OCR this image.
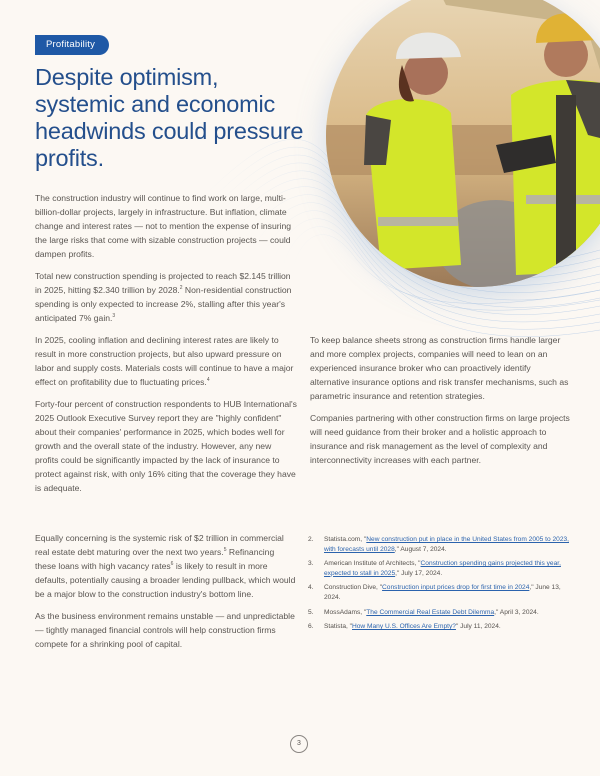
Profitability
Despite optimism, systemic and economic headwinds could pressure profits.

The construction industry will continue to find work on large, multi-billion-dollar projects, largely in infrastructure. But inflation, climate change and interest rates — not to mention the expense of insuring the large risks that come with sizable construction projects — could dampen profits.

Total new construction spending is projected to reach $2.145 trillion in 2025, hitting $2.340 trillion by 2028.$^2$ Non-residential construction spending is only expected to increase 2%, stalling after this year's anticipated 7% gain.$^3$

In 2025, cooling inflation and declining interest rates are likely to result in more construction projects, but also upward pressure on labor and supply costs. Materials costs will continue to have a major effect on profitability due to fluctuating prices.$^4$

Forty-four percent of construction respondents to HUB International's 2025 Outlook Executive Survey report they are "highly confident" about their companies' performance in 2025, which bodes well for growth and the overall state of the industry. However, any new profits could be significantly impacted by the lack of insurance to protect against risk, with only 16% citing that the coverage they have is adequate.

Equally concerning is the systemic risk of $2 trillion in commercial real estate debt maturing over the next two years.$^5$ Refinancing these loans with high vacancy rates$^6$ is likely to result in more defaults, potentially causing a broader lending pullback, which would be a major blow to the construction industry's bottom line.

As the business environment remains unstable — and unpredictable — tightly managed financial controls will help construction firms compete for a shrinking pool of capital.

To keep balance sheets strong as construction firms handle larger and more complex projects, companies will need to lean on an experienced insurance broker who can proactively identify alternative insurance options and risk transfer mechanisms, such as parametric insurance and retention strategies.

Companies partnering with other construction firms on large projects will need guidance from their broker and a holistic approach to insurance and risk management as the level of complexity and interconnectivity increases with each partner.

2. Statista.com, "New construction put in place in the United States from 2005 to 2023, with forecasts until 2028," August 7, 2024.
3. American Institute of Architects, "Construction spending gains projected this year, expected to stall in 2025," July 17, 2024.
4. Construction Dive, "Construction input prices drop for first time in 2024," June 13, 2024.
5. MossAdams, "The Commercial Real Estate Debt Dilemma," April 3, 2024.
6. Statista, "How Many U.S. Offices Are Empty?" July 11, 2024.
3
